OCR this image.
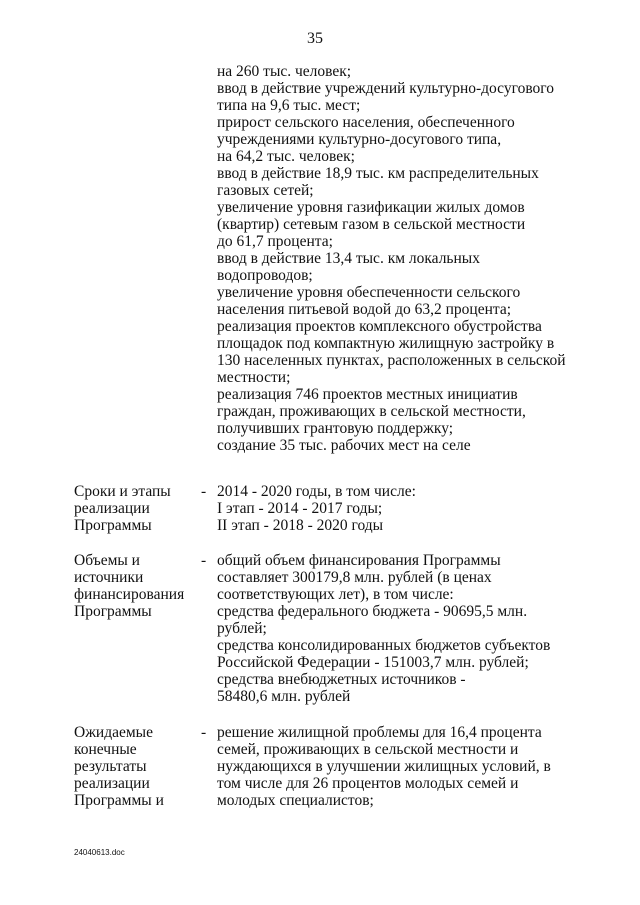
35
на 260 тыс. человек;
ввод в действие учреждений культурно-досугового
типа на 9,6 тыс. мест;
прирост сельского населения, обеспеченного
учреждениями культурно-досугового типа,
на 64,2 тыс. человек;
ввод в действие 18,9 тыс. км распределительных
газовых сетей;
увеличение уровня газификации жилых домов
(квартир) сетевым газом в сельской местности
до 61,7 процента;
ввод в действие 13,4 тыс. км локальных
водопроводов;
увеличение уровня обеспеченности сельского
населения питьевой водой до 63,2 процента;
реализация проектов комплексного обустройства
площадок под компактную жилищную застройку в
130 населенных пунктах, расположенных в сельской
местности;
реализация 746 проектов местных инициатив
граждан, проживающих в сельской местности,
получивших грантовую поддержку;
создание 35 тыс. рабочих мест на селе
Сроки и этапы
реализации
Программы
- 2014 - 2020 годы, в том числе:
I этап - 2014 - 2017 годы;
II этап - 2018 - 2020 годы
Объемы и
источники
финансирования
Программы
- общий объем финансирования Программы
составляет 300179,8 млн. рублей (в ценах
соответствующих лет), в том числе:
средства федерального бюджета - 90695,5 млн.
рублей;
средства консолидированных бюджетов субъектов
Российской Федерации - 151003,7 млн. рублей;
средства внебюджетных источников -
58480,6 млн. рублей
Ожидаемые
конечные
результаты
реализации
Программы и
- решение жилищной проблемы для 16,4 процента
семей, проживающих в сельской местности и
нуждающихся в улучшении жилищных условий, в
том числе для 26 процентов молодых семей и
молодых специалистов;
24040613.doc
